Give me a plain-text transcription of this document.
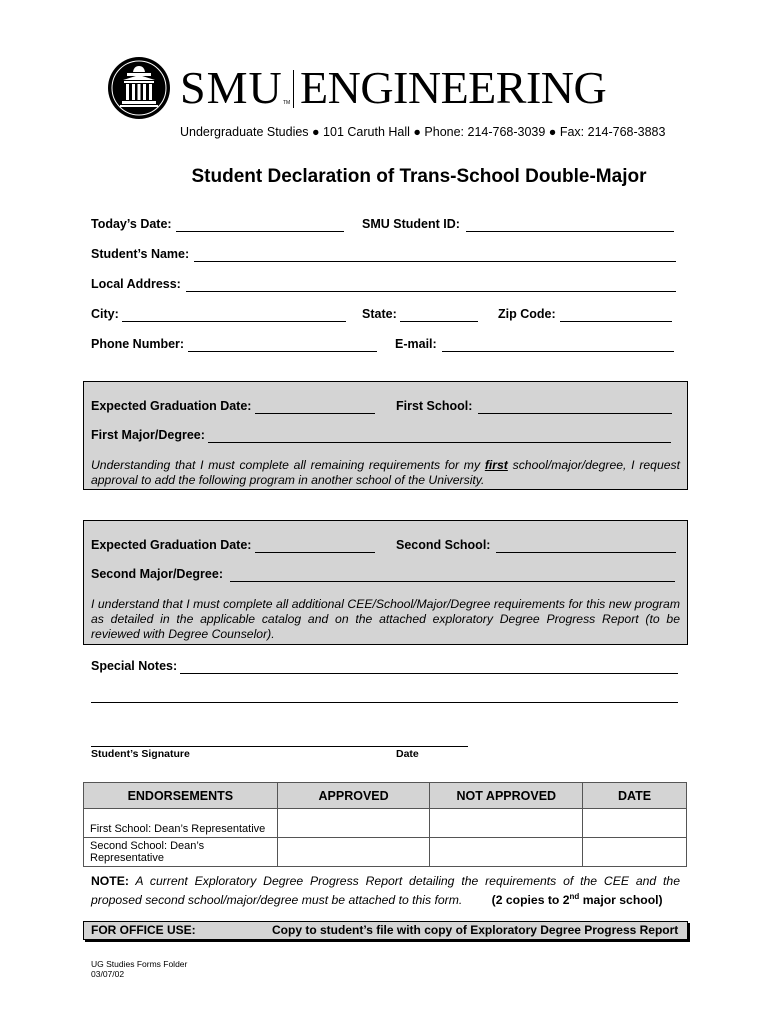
SMU TM ENGINEERING
Undergraduate Studies ● 101 Caruth Hall ● Phone: 214-768-3039 ● Fax: 214-768-3883
Student Declaration of Trans-School Double-Major
Today’s Date:	SMU Student ID:
Student’s Name:
Local Address:
City:	State:	Zip Code:
Phone Number:	E-mail:
Expected Graduation Date:	First School:
First Major/Degree:
Understanding that I must complete all remaining requirements for my first school/major/degree, I request approval to add the following program in another school of the University.
Expected Graduation Date:	Second School:
Second Major/Degree:
I understand that I must complete all additional CEE/School/Major/Degree requirements for this new program as detailed in the applicable catalog and on the attached exploratory Degree Progress Report (to be reviewed with Degree Counselor).
Special Notes:
Student’s Signature	Date
ENDORSEMENTS	APPROVED	NOT APPROVED	DATE
First School: Dean’s Representative			
Second School: Dean’s Representative			
NOTE: A current Exploratory Degree Progress Report detailing the requirements of the CEE and the proposed second school/major/degree must be attached to this form. (2 copies to 2nd major school)
FOR OFFICE USE:	Copy to student’s file with copy of Exploratory Degree Progress Report
UG Studies Forms Folder
03/07/02
